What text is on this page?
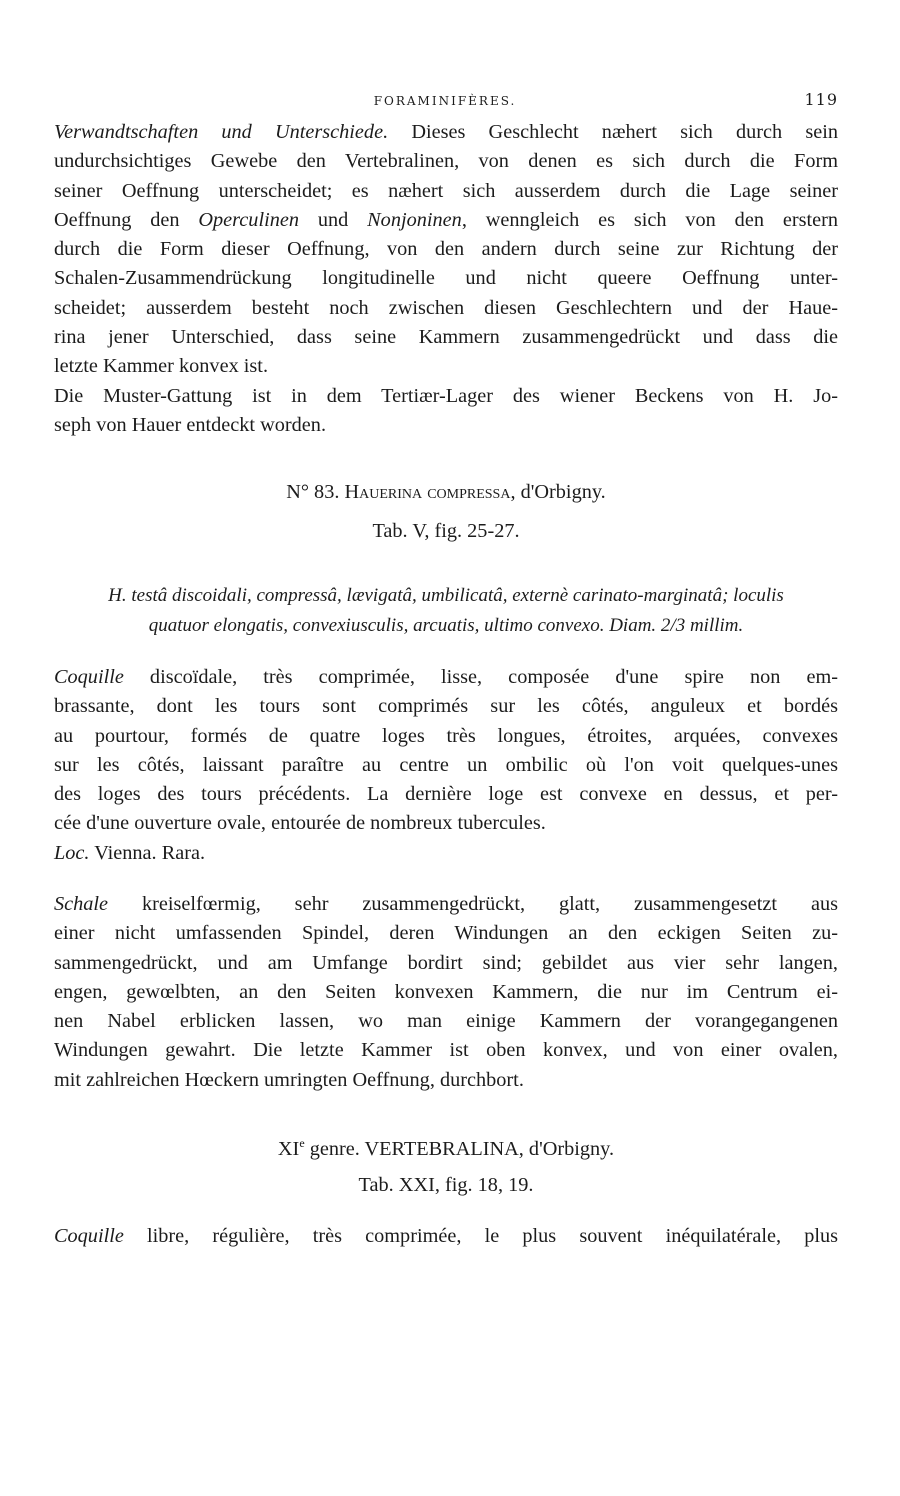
FORAMINIFÈRES.	119
Verwandtschaften und Unterschiede. Dieses Geschlecht næhert sich durch sein
undurchsichtiges Gewebe den Vertebralinen, von denen es sich durch die Form
seiner Oeffnung unterscheidet; es næhert sich ausserdem durch die Lage seiner
Oeffnung den Operculinen und Nonjoninen, wenngleich es sich von den erstern
durch die Form dieser Oeffnung, von den andern durch seine zur Richtung der
Schalen-Zusammendrückung longitudinelle und nicht queere Oeffnung unter-
scheidet; ausserdem besteht noch zwischen diesen Geschlechtern und der Haue-
rina jener Unterschied, dass seine Kammern zusammengedrückt und dass die
letzte Kammer konvex ist.
Die Muster-Gattung ist in dem Tertiær-Lager des wiener Beckens von H. Jo-
seph von Hauer entdeckt worden.
N° 83. Hauerina compressa, d'Orbigny.
Tab. V, fig. 25-27.
H. testâ discoidali, compressâ, lævigatâ, umbilicatâ, externè carinato-marginatâ; loculis
quatuor elongatis, convexiusculis, arcuatis, ultimo convexo. Diam. 2/3 millim.
Coquille discoïdale, très comprimée, lisse, composée d'une spire non em-
brassante, dont les tours sont comprimés sur les côtés, anguleux et bordés
au pourtour, formés de quatre loges très longues, étroites, arquées, convexes
sur les côtés, laissant paraître au centre un ombilic où l'on voit quelques-unes
des loges des tours précédents. La dernière loge est convexe en dessus, et per-
cée d'une ouverture ovale, entourée de nombreux tubercules.
Loc. Vienna. Rara.
Schale kreiselfœrmig, sehr zusammengedrückt, glatt, zusammengesetzt aus
einer nicht umfassenden Spindel, deren Windungen an den eckigen Seiten zu-
sammengedrückt, und am Umfange bordirt sind; gebildet aus vier sehr langen,
engen, gewœlbten, an den Seiten konvexen Kammern, die nur im Centrum ei-
nen Nabel erblicken lassen, wo man einige Kammern der vorangegangenen
Windungen gewahrt. Die letzte Kammer ist oben konvex, und von einer ovalen,
mit zahlreichen Hœckern umringten Oeffnung, durchbort.
XIe genre. VERTEBRALINA, d'Orbigny.
Tab. XXI, fig. 18, 19.
Coquille libre, régulière, très comprimée, le plus souvent inéquilatérale, plus
